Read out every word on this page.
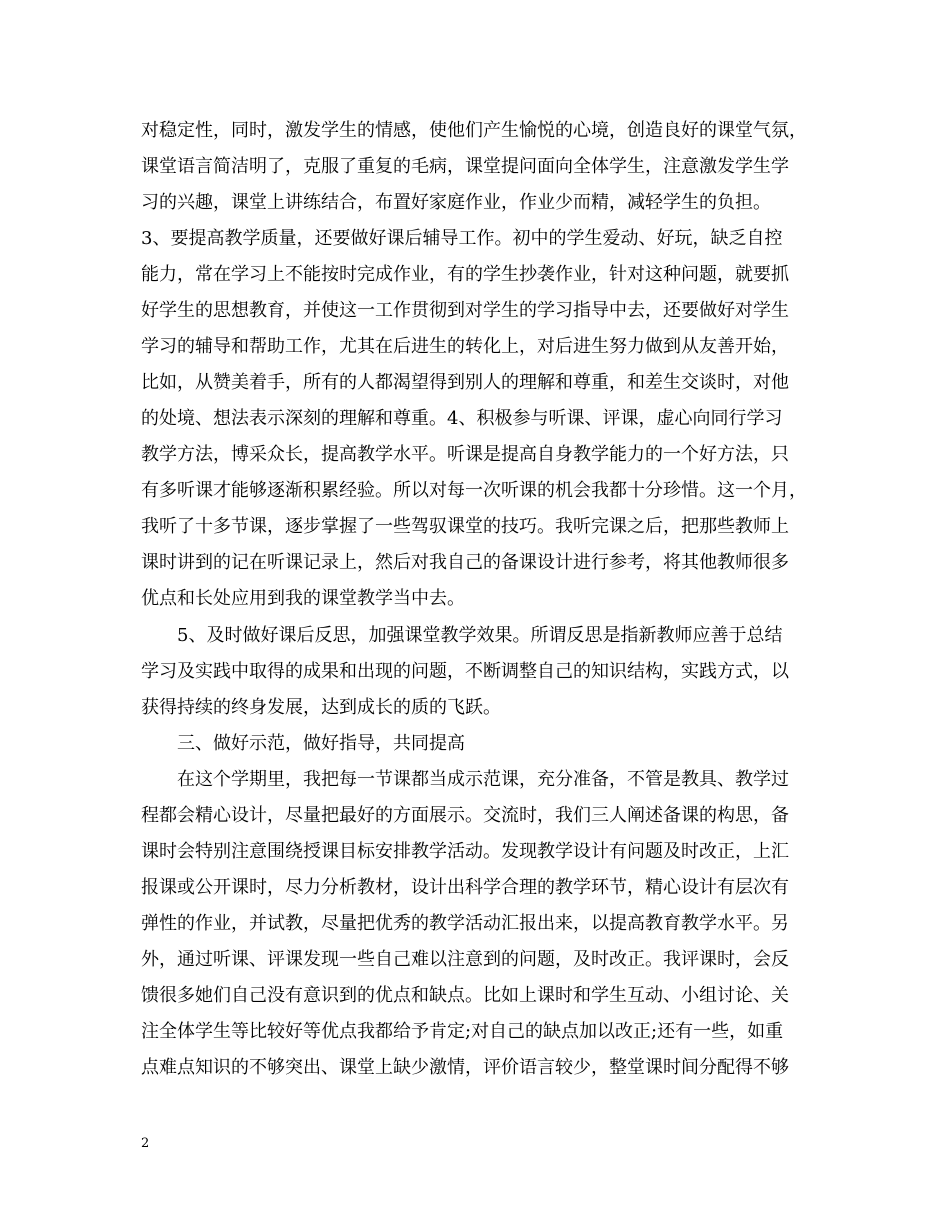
对稳定性，同时，激发学生的情感，使他们产生愉悦的心境，创造良好的课堂气氛，

课堂语言简洁明了，克服了重复的毛病，课堂提问面向全体学生，注意激发学生学

习的兴趣，课堂上讲练结合，布置好家庭作业，作业少而精，减轻学生的负担。

3、要提高教学质量，还要做好课后辅导工作。初中的学生爱动、好玩，缺乏自控

能力，常在学习上不能按时完成作业，有的学生抄袭作业，针对这种问题，就要抓

好学生的思想教育，并使这一工作贯彻到对学生的学习指导中去，还要做好对学生

学习的辅导和帮助工作，尤其在后进生的转化上，对后进生努力做到从友善开始，

比如，从赞美着手，所有的人都渴望得到别人的理解和尊重，和差生交谈时，对他

的处境、想法表示深刻的理解和尊重。4、积极参与听课、评课，虚心向同行学习

教学方法，博采众长，提高教学水平。听课是提高自身教学能力的一个好方法，只

有多听课才能够逐渐积累经验。所以对每一次听课的机会我都十分珍惜。这一个月，

我听了十多节课，逐步掌握了一些驾驭课堂的技巧。我听完课之后，把那些教师上

课时讲到的记在听课记录上，然后对我自己的备课设计进行参考，将其他教师很多

优点和长处应用到我的课堂教学当中去。

5、及时做好课后反思，加强课堂教学效果。所谓反思是指新教师应善于总结

学习及实践中取得的成果和出现的问题，不断调整自己的知识结构，实践方式，以

获得持续的终身发展，达到成长的质的飞跃。

三、做好示范，做好指导，共同提高

在这个学期里，我把每一节课都当成示范课，充分准备，不管是教具、教学过

程都会精心设计，尽量把最好的方面展示。交流时，我们三人阐述备课的构思，备

课时会特别注意围绕授课目标安排教学活动。发现教学设计有问题及时改正，上汇

报课或公开课时，尽力分析教材，设计出科学合理的教学环节，精心设计有层次有

弹性的作业，并试教，尽量把优秀的教学活动汇报出来，以提高教育教学水平。另

外，通过听课、评课发现一些自己难以注意到的问题，及时改正。我评课时，会反

馈很多她们自己没有意识到的优点和缺点。比如上课时和学生互动、小组讨论、关

注全体学生等比较好等优点我都给予肯定;对自己的缺点加以改正;还有一些，如重

点难点知识的不够突出、课堂上缺少激情，评价语言较少，整堂课时间分配得不够

2
